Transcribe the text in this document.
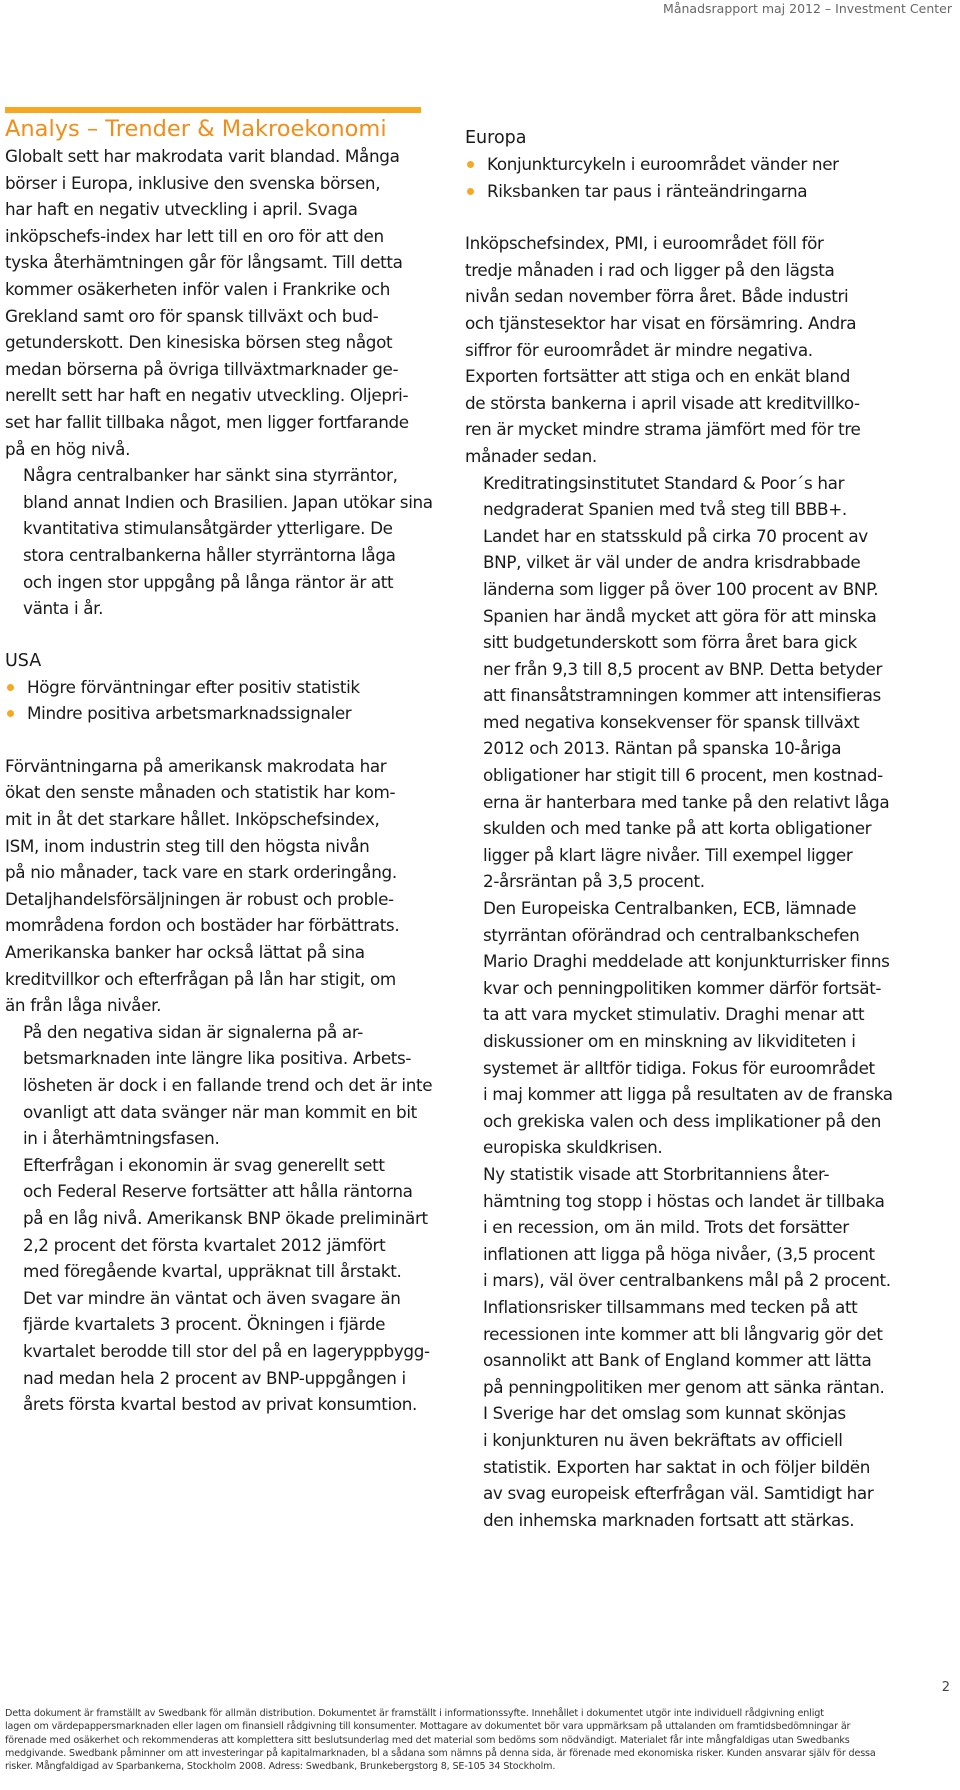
Månadsrapport maj 2012 – Investment Center
Analys – Trender & Makroekonomi

Globalt sett har makrodata varit blandad. Många
börser i Europa, inklusive den svenska börsen,
har haft en negativ utveckling i april. Svaga
inköpschefs-index har lett till en oro för att den
tyska återhämtningen går för långsamt. Till detta
kommer osäkerheten inför valen i Frankrike och
Grekland samt oro för spansk tillväxt och bud-
getunderskott. Den kinesiska börsen steg något
medan börserna på övriga tillväxtmarknader ge-
nerellt sett har haft en negativ utveckling. Oljepri-
set har fallit tillbaka något, men ligger fortfarande
på en hög nivå.

Några centralbanker har sänkt sina styrräntor,
bland annat Indien och Brasilien. Japan utökar sina
kvantitativa stimulansåtgärder ytterligare. De
stora centralbankerna håller styrräntorna låga
och ingen stor uppgång på långa räntor är att
vänta i år.

USA
Högre förväntningar efter positiv statistik
Mindre positiva arbetsmarknadssignaler

Förväntningarna på amerikansk makrodata har
ökat den senste månaden och statistik har kom-
mit in åt det starkare hållet. Inköpschefsindex,
ISM, inom industrin steg till den högsta nivån
på nio månader, tack vare en stark orderingång.
Detaljhandelsförsäljningen är robust och proble-
mområdena fordon och bostäder har förbättrats.
Amerikanska banker har också lättat på sina
kreditvillkor och efterfrågan på lån har stigit, om
än från låga nivåer.

På den negativa sidan är signalerna på ar-
betsmarknaden inte längre lika positiva. Arbets-
lösheten är dock i en fallande trend och det är inte
ovanligt att data svänger när man kommit en bit
in i återhämtningsfasen.

Efterfrågan i ekonomin är svag generellt sett
och Federal Reserve fortsätter att hålla räntorna
på en låg nivå. Amerikansk BNP ökade preliminärt
2,2 procent det första kvartalet 2012 jämfört
med föregående kvartal, uppräknat till årstakt.
Det var mindre än väntat och även svagare än
fjärde kvartalets 3 procent. Ökningen i fjärde
kvartalet berodde till stor del på en lagerуppbygg-
nad medan hela 2 procent av BNP-uppgången i
årets första kvartal bestod av privat konsumtion.

Europa
Konjunkturcykeln i euroområdet vänder ner
Riksbanken tar paus i ränteändringarna

Inköpschefsindex, PMI, i euroområdet föll för
tredje månaden i rad och ligger på den lägsta
nivån sedan november förra året. Både industri
och tjänstesektor har visat en försämring. Andra
siffror för euroområdet är mindre negativa.
Exporten fortsätter att stiga och en enkät bland
de största bankerna i april visade att kreditvillko-
ren är mycket mindre strama jämfört med för tre
månader sedan.

Kreditratingsinstitutet Standard & Poor´s har
nedgraderat Spanien med två steg till BBB+.
Landet har en statsskuld på cirka 70 procent av
BNP, vilket är väl under de andra krisdrabbade
länderna som ligger på över 100 procent av BNP.
Spanien har ändå mycket att göra för att minska
sitt budgetunderskott som förra året bara gick
ner från 9,3 till 8,5 procent av BNP. Detta betyder
att finansåtstramningen kommer att intensifieras
med negativa konsekvenser för spansk tillväxt
2012 och 2013. Räntan på spanska 10-åriga
obligationer har stigit till 6 procent, men kostnad-
erna är hanterbara med tanke på den relativt låga
skulden och med tanke på att korta obligationer
ligger på klart lägre nivåer. Till exempel ligger
2-årsräntan på 3,5 procent.

Den Europeiska Centralbanken, ECB, lämnade
styrräntan oförändrad och centralbankschefen
Mario Draghi meddelade att konjunkturrisker finns
kvar och penningpolitiken kommer därför fortsät-
ta att vara mycket stimulativ. Draghi menar att
diskussioner om en minskning av likviditeten i
systemet är alltför tidiga. Fokus för euroområdet
i maj kommer att ligga på resultaten av de franska
och grekiska valen och dess implikationer på den
europiska skuldkrisen.

Ny statistik visade att Storbritanniens åter-
hämtning tog stopp i höstas och landet är tillbaka
i en recession, om än mild. Trots det forsätter
inflationen att ligga på höga nivåer, (3,5 procent
i mars), väl över centralbankens mål på 2 procent.
Inflationsrisker tillsammans med tecken på att
recessionen inte kommer att bli långvarig gör det
osannolikt att Bank of England kommer att lätta
på penningpolitiken mer genom att sänka räntan.

I Sverige har det omslag som kunnat skönjas
i konjunkturen nu även bekräftats av officiell
statistik. Exporten har saktat in och följer bildën
av svag europeisk efterfrågan väl. Samtidigt har
den inhemska marknaden fortsatt att stärkas.

2
Detta dokument är framställt av Swedbank för allmän distribution. Dokumentet är framställt i informationssyfte. Innehållet i dokumentet utgör inte individuell rådgivning enligt
lagen om värdepappersmarknaden eller lagen om finansiell rådgivning till konsumenter. Mottagare av dokumentet bör vara uppmärksam på uttalanden om framtidsbedömningar är
förenade med osäkerhet och rekommenderas att komplettera sitt beslutsunderlag med det material som bedöms som nödvändigt. Materialet får inte mångfaldigas utan Swedbanks
medgivande. Swedbank påminner om att investeringar på kapitalmarknaden, bl a sådana som nämns på denna sida, är förenade med ekonomiska risker. Kunden ansvarar själv för dessa
risker. Mångfaldigad av Sparbankerna, Stockholm 2008. Adress: Swedbank, Brunkebergstorg 8, SE-105 34 Stockholm.
